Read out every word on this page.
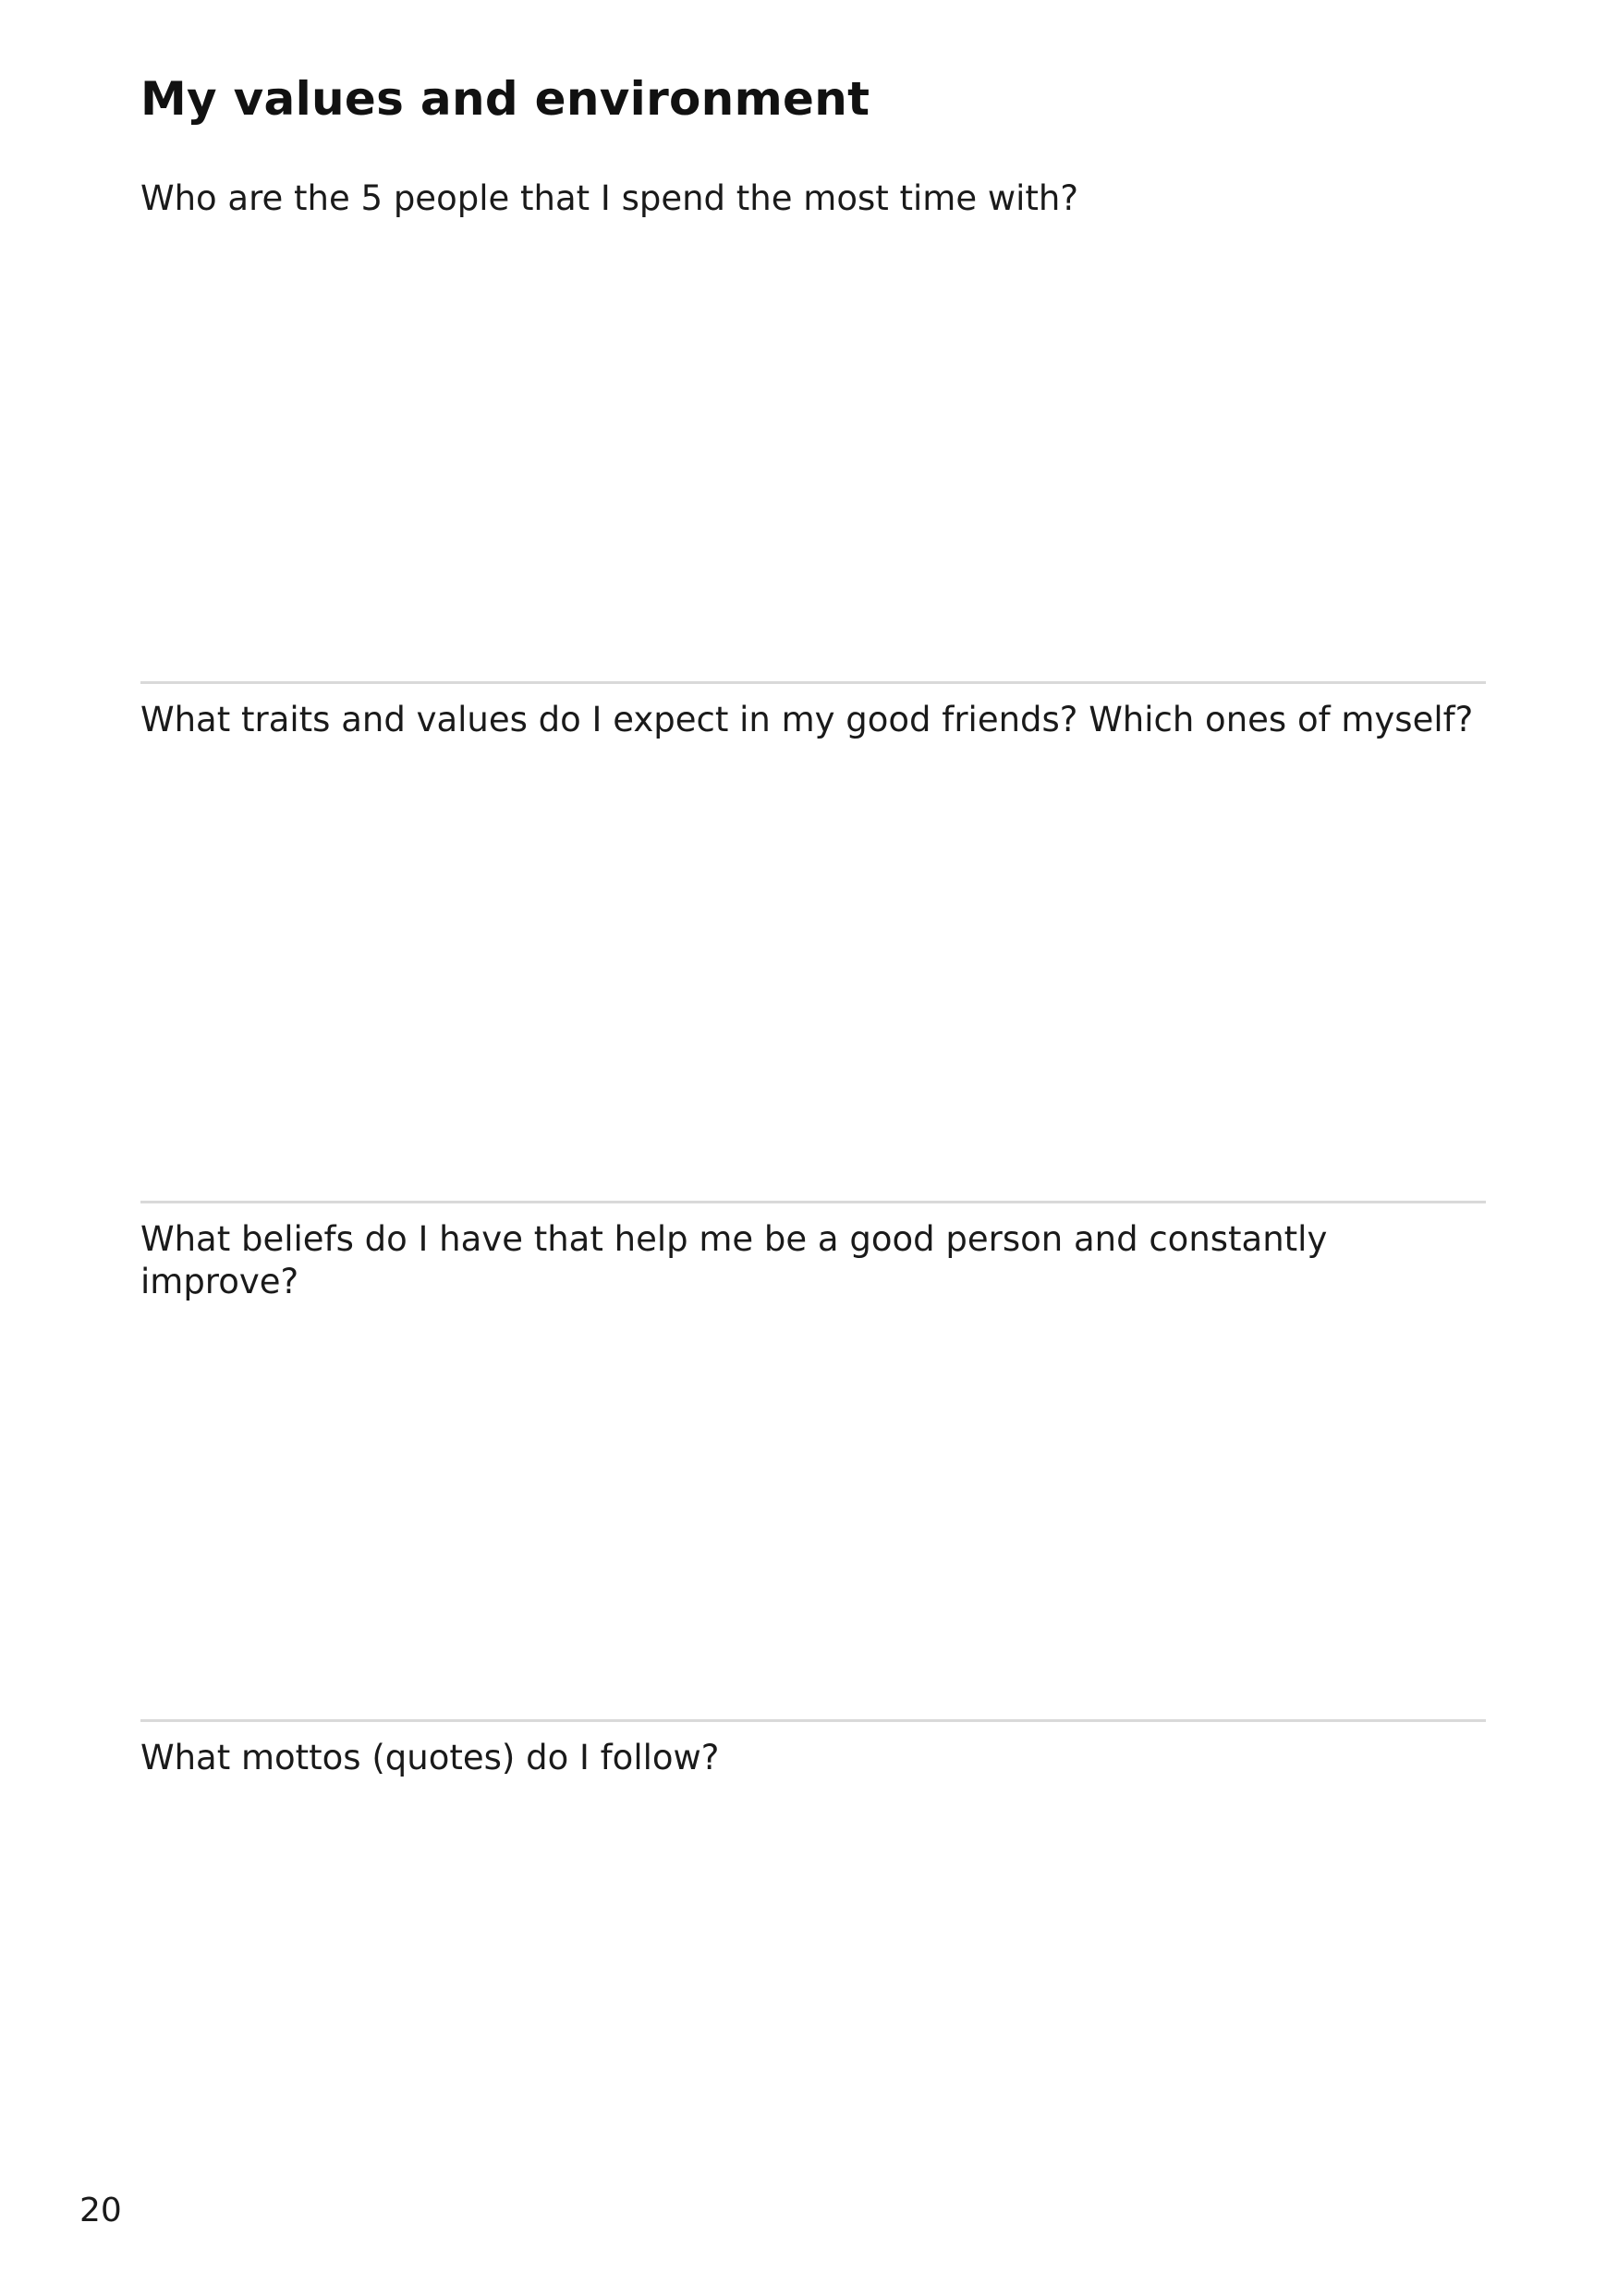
My values and environment

Who are the 5 people that I spend the most time with?

What traits and values do I expect in my good friends? Which ones of myself?

What beliefs do I have that help me be a good person and constantly improve?

What mottos (quotes) do I follow?

20
